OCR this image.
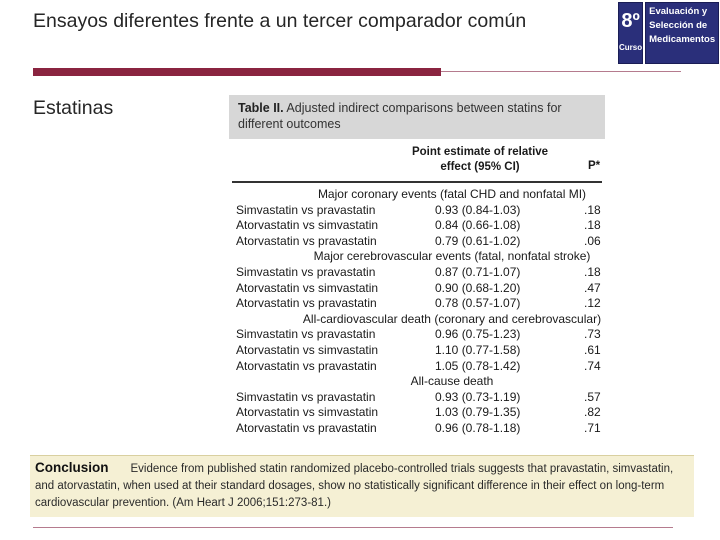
Ensayos diferentes frente a un tercer comparador común	8º
Curso
Evaluación y
Selección de
Medicamentos
Estatinas	Table II. Adjusted indirect comparisons between statins for different outcomes
Point estimate of relative effect (95% CI)	P*
Major coronary events (fatal CHD and nonfatal MI)
Simvastatin vs pravastatin	0.93 (0.84-1.03)	.18
Atorvastatin vs simvastatin	0.84 (0.66-1.08)	.18
Atorvastatin vs pravastatin	0.79 (0.61-1.02)	.06
Major cerebrovascular events (fatal, nonfatal stroke)
Simvastatin vs pravastatin	0.87 (0.71-1.07)	.18
Atorvastatin vs simvastatin	0.90 (0.68-1.20)	.47
Atorvastatin vs pravastatin	0.78 (0.57-1.07)	.12
All-cardiovascular death (coronary and cerebrovascular)
Simvastatin vs pravastatin	0.96 (0.75-1.23)	.73
Atorvastatin vs simvastatin	1.10 (0.77-1.58)	.61
Atorvastatin vs pravastatin	1.05 (0.78-1.42)	.74
All-cause death
Simvastatin vs pravastatin	0.93 (0.73-1.19)	.57
Atorvastatin vs simvastatin	1.03 (0.79-1.35)	.82
Atorvastatin vs pravastatin	0.96 (0.78-1.18)	.71
Conclusion Evidence from published statin randomized placebo-controlled trials suggests that pravastatin, simvastatin, and atorvastatin, when used at their standard dosages, show no statistically significant difference in their effect on long-term cardiovascular prevention. (Am Heart J 2006;151:273-81.)
